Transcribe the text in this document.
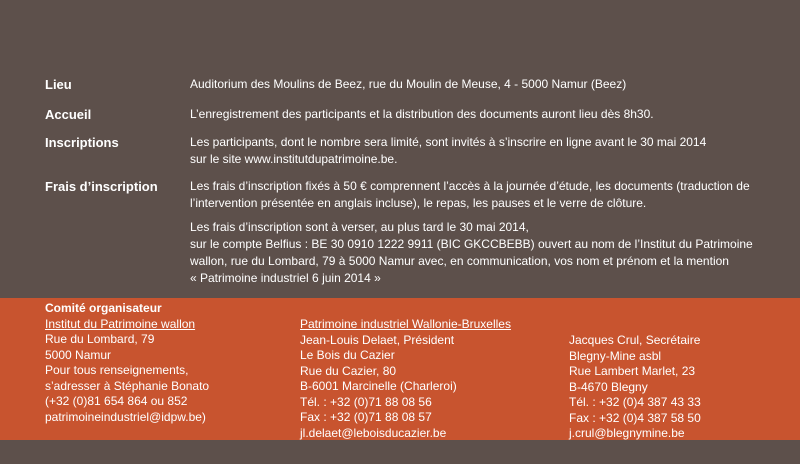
Lieu	Auditorium des Moulins de Beez, rue du Moulin de Meuse, 4 - 5000 Namur (Beez)
Accueil	L’enregistrement des participants et la distribution des documents auront lieu dès 8h30.
Inscriptions	Les participants, dont le nombre sera limité, sont invités à s’inscrire en ligne avant le 30 mai 2014
sur le site www.institutdupatrimoine.be.
Frais d’inscription	Les frais d’inscription fixés à 50 € comprennent l’accès à la journée d’étude, les documents (traduction de
l’intervention présentée en anglais incluse), le repas, les pauses et le verre de clôture.
Les frais d’inscription sont à verser, au plus tard le 30 mai 2014,
sur le compte Belfius : BE 30 0910 1222 9911 (BIC GKCCBEBB) ouvert au nom de l’Institut du Patrimoine
wallon, rue du Lombard, 79 à 5000 Namur avec, en communication, vos nom et prénom et la mention
« Patrimoine industriel 6 juin 2014 »
Comité organisateur
Institut du Patrimoine wallon
Rue du Lombard, 79
5000 Namur
Pour tous renseignements,
s’adresser à Stéphanie Bonato
(+32 (0)81 654 864 ou 852
patrimoineindustriel@idpw.be)
Patrimoine industriel Wallonie-Bruxelles
Jean-Louis Delaet, Président
Le Bois du Cazier
Rue du Cazier, 80
B-6001 Marcinelle (Charleroi)
Tél. : +32 (0)71 88 08 56
Fax : +32 (0)71 88 08 57
jl.delaet@leboisducazier.be
Jacques Crul, Secrétaire
Blegny-Mine asbl
Rue Lambert Marlet, 23
B-4670 Blegny
Tél. : +32 (0)4 387 43 33
Fax : +32 (0)4 387 58 50
j.crul@blegnymine.be
